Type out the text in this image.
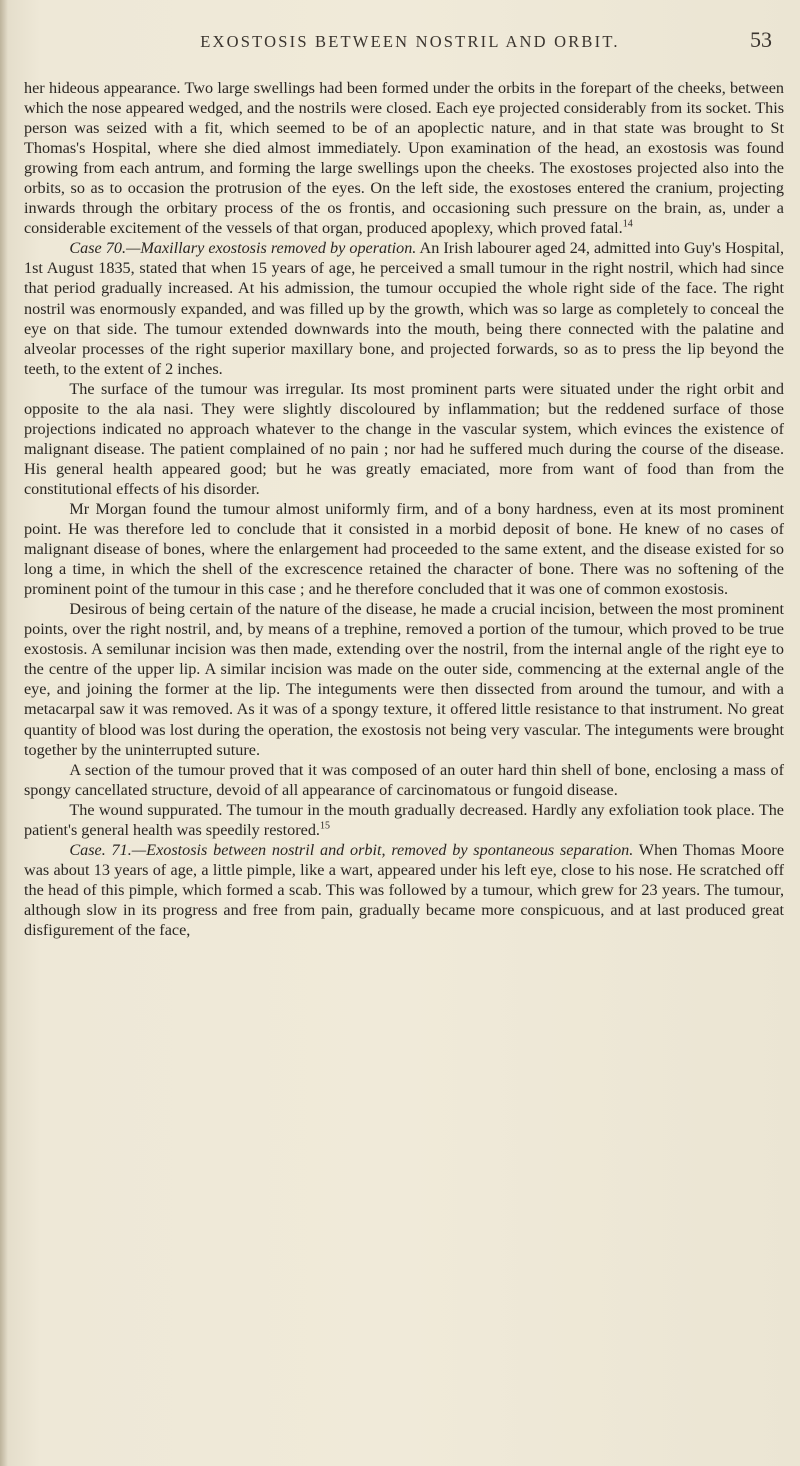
EXOSTOSIS BETWEEN NOSTRIL AND ORBIT.	53

her hideous appearance. Two large swellings had been formed under the orbits in the forepart of the cheeks, between which the nose appeared wedged, and the nostrils were closed. Each eye projected considerably from its socket. This person was seized with a fit, which seemed to be of an apoplectic nature, and in that state was brought to St Thomas's Hospital, where she died almost immediately. Upon examination of the head, an exostosis was found growing from each antrum, and forming the large swellings upon the cheeks. The exostoses projected also into the orbits, so as to occasion the protrusion of the eyes. On the left side, the exostoses entered the cranium, projecting inwards through the orbitary process of the os frontis, and occasioning such pressure on the brain, as, under a considerable excitement of the vessels of that organ, produced apoplexy, which proved fatal.$^{14}$

Case 70.—Maxillary exostosis removed by operation. An Irish labourer aged 24, admitted into Guy's Hospital, 1st August 1835, stated that when 15 years of age, he perceived a small tumour in the right nostril, which had since that period gradually increased. At his admission, the tumour occupied the whole right side of the face. The right nostril was enormously expanded, and was filled up by the growth, which was so large as completely to conceal the eye on that side. The tumour extended downwards into the mouth, being there connected with the palatine and alveolar processes of the right superior maxillary bone, and projected forwards, so as to press the lip beyond the teeth, to the extent of 2 inches.

The surface of the tumour was irregular. Its most prominent parts were situated under the right orbit and opposite to the ala nasi. They were slightly discoloured by inflammation; but the reddened surface of those projections indicated no approach whatever to the change in the vascular system, which evinces the existence of malignant disease. The patient complained of no pain ; nor had he suffered much during the course of the disease. His general health appeared good; but he was greatly emaciated, more from want of food than from the constitutional effects of his disorder.

Mr Morgan found the tumour almost uniformly firm, and of a bony hardness, even at its most prominent point. He was therefore led to conclude that it consisted in a morbid deposit of bone. He knew of no cases of malignant disease of bones, where the enlargement had proceeded to the same extent, and the disease existed for so long a time, in which the shell of the excrescence retained the character of bone. There was no softening of the prominent point of the tumour in this case ; and he therefore concluded that it was one of common exostosis.

Desirous of being certain of the nature of the disease, he made a crucial incision, between the most prominent points, over the right nostril, and, by means of a trephine, removed a portion of the tumour, which proved to be true exostosis. A semilunar incision was then made, extending over the nostril, from the internal angle of the right eye to the centre of the upper lip. A similar incision was made on the outer side, commencing at the external angle of the eye, and joining the former at the lip. The integuments were then dissected from around the tumour, and with a metacarpal saw it was removed. As it was of a spongy texture, it offered little resistance to that instrument. No great quantity of blood was lost during the operation, the exostosis not being very vascular. The integuments were brought together by the uninterrupted suture.

A section of the tumour proved that it was composed of an outer hard thin shell of bone, enclosing a mass of spongy cancellated structure, devoid of all appearance of carcinomatous or fungoid disease.

The wound suppurated. The tumour in the mouth gradually decreased. Hardly any exfoliation took place. The patient's general health was speedily restored.$^{15}$

Case. 71.—Exostosis between nostril and orbit, removed by spontaneous separation. When Thomas Moore was about 13 years of age, a little pimple, like a wart, appeared under his left eye, close to his nose. He scratched off the head of this pimple, which formed a scab. This was followed by a tumour, which grew for 23 years. The tumour, although slow in its progress and free from pain, gradually became more conspicuous, and at last produced great disfigurement of the face,
